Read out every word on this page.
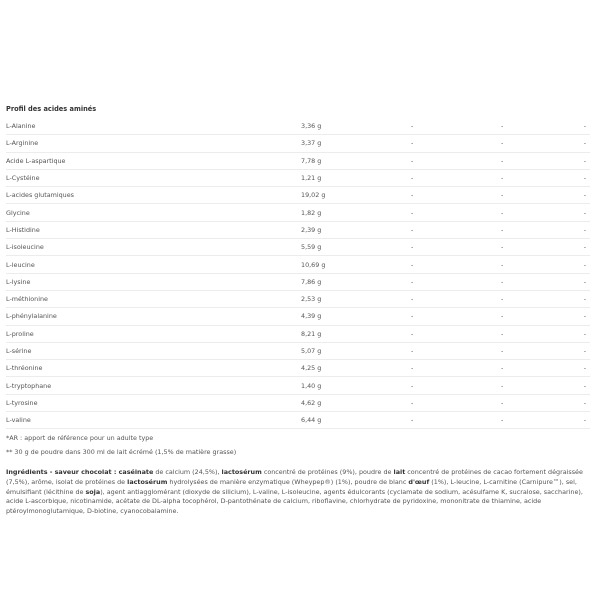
Profil des acides aminés
L-Alanine	3,36 g	-	-	-
L-Arginine	3,37 g	-	-	-
Acide L-aspartique	7,78 g	-	-	-
L-Cystéine	1,21 g	-	-	-
L-acides glutamiques	19,02 g	-	-	-
Glycine	1,82 g	-	-	-
L-Histidine	2,39 g	-	-	-
L-isoleucine	5,59 g	-	-	-
L-leucine	10,69 g	-	-	-
L-lysine	7,86 g	-	-	-
L-méthionine	2,53 g	-	-	-
L-phénylalanine	4,39 g	-	-	-
L-proline	8,21 g	-	-	-
L-sérine	5,07 g	-	-	-
L-thréonine	4,25 g	-	-	-
L-tryptophane	1,40 g	-	-	-
L-tyrosine	4,62 g	-	-	-
L-valine	6,44 g	-	-	-
*AR : apport de référence pour un adulte type
** 30 g de poudre dans 300 ml de lait écrémé (1,5% de matière grasse)
Ingrédients - saveur chocolat : caséinate de calcium (24,5%), lactosérum concentré de protéines (9%), poudre de lait concentré de protéines de cacao fortement dégraissée (7,5%), arôme, isolat de protéines de lactosérum hydrolysées de manière enzymatique (Wheypep®) (1%), poudre de blanc d'œuf (1%), L-leucine, L-carnitine (Carnipure™), sel, émulsifiant (lécithine de soja), agent antiagglomérant (dioxyde de silicium), L-valine, L-isoleucine, agents édulcorants (cyclamate de sodium, acésulfame K, sucralose, saccharine), acide L-ascorbique, nicotinamide, acétate de DL-alpha tocophérol, D-pantothénate de calcium, riboflavine, chlorhydrate de pyridoxine, mononitrate de thiamine, acide ptéroylmonoglutamique, D-biotine, cyanocobalamine.
